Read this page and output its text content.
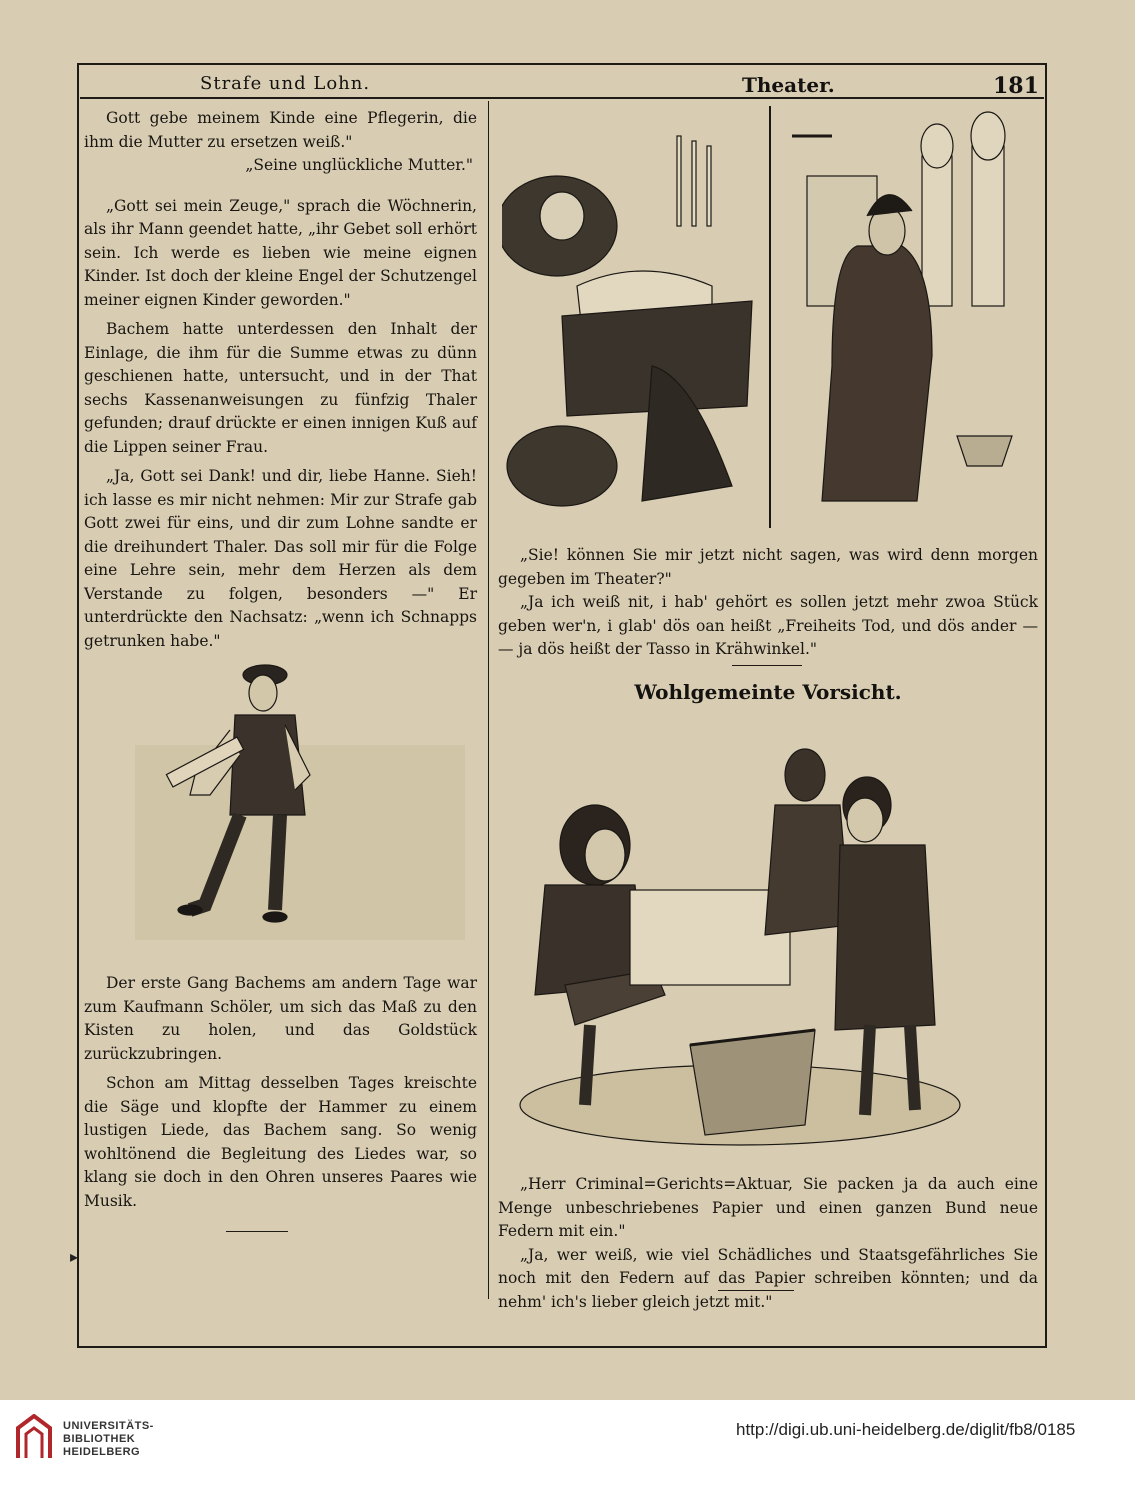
Strafe und Lohn.	Theater.	181

Gott gebe meinem Kinde eine Pflegerin, die ihm die Mutter zu ersetzen weiß."

„Seine unglückliche Mutter."

„Gott sei mein Zeuge," sprach die Wöchnerin, als ihr Mann geendet hatte, „ihr Gebet soll erhört sein. Ich werde es lieben wie meine eignen Kinder. Ist doch der kleine Engel der Schutzengel meiner eignen Kinder geworden."

Bachem hatte unterdessen den Inhalt der Einlage, die ihm für die Summe etwas zu dünn geschienen hatte, untersucht, und in der That sechs Kassenanweisungen zu fünfzig Thaler gefunden; drauf drückte er einen innigen Kuß auf die Lippen seiner Frau.

„Ja, Gott sei Dank! und dir, liebe Hanne. Sieh! ich lasse es mir nicht nehmen: Mir zur Strafe gab Gott zwei für eins, und dir zum Lohne sandte er die dreihundert Thaler. Das soll mir für die Folge eine Lehre sein, mehr dem Herzen als dem Verstande zu folgen, besonders —" Er unterdrückte den Nachsatz: „wenn ich Schnapps getrunken habe."

Der erste Gang Bachems am andern Tage war zum Kaufmann Schöler, um sich das Maß zu den Kisten zu holen, und das Goldstück zurückzubringen.

Schon am Mittag desselben Tages kreischte die Säge und klopfte der Hammer zu einem lustigen Liede, das Bachem sang. So wenig wohltönend die Begleitung des Liedes war, so klang sie doch in den Ohren unseres Paares wie Musik.

▸

„Sie! können Sie mir jetzt nicht sagen, was wird denn morgen gegeben im Theater?"

„Ja ich weiß nit, i hab' gehört es sollen jetzt mehr zwoa Stück geben wer'n, i glab' dös oan heißt „Freiheits Tod, und dös ander — — ja dös heißt der Tasso in Krähwinkel."

Wohlgemeinte Vorsicht.

„Herr Criminal=Gerichts=Aktuar, Sie packen ja da auch eine Menge unbeschriebenes Papier und einen ganzen Bund neue Federn mit ein."

„Ja, wer weiß, wie viel Schädliches und Staatsgefährliches Sie noch mit den Federn auf das Papier schreiben könnten; und da nehm' ich's lieber gleich jetzt mit."

UNIVERSITÄTS-
BIBLIOTHEK
HEIDELBERG
http://digi.ub.uni-heidelberg.de/diglit/fb8/0185
